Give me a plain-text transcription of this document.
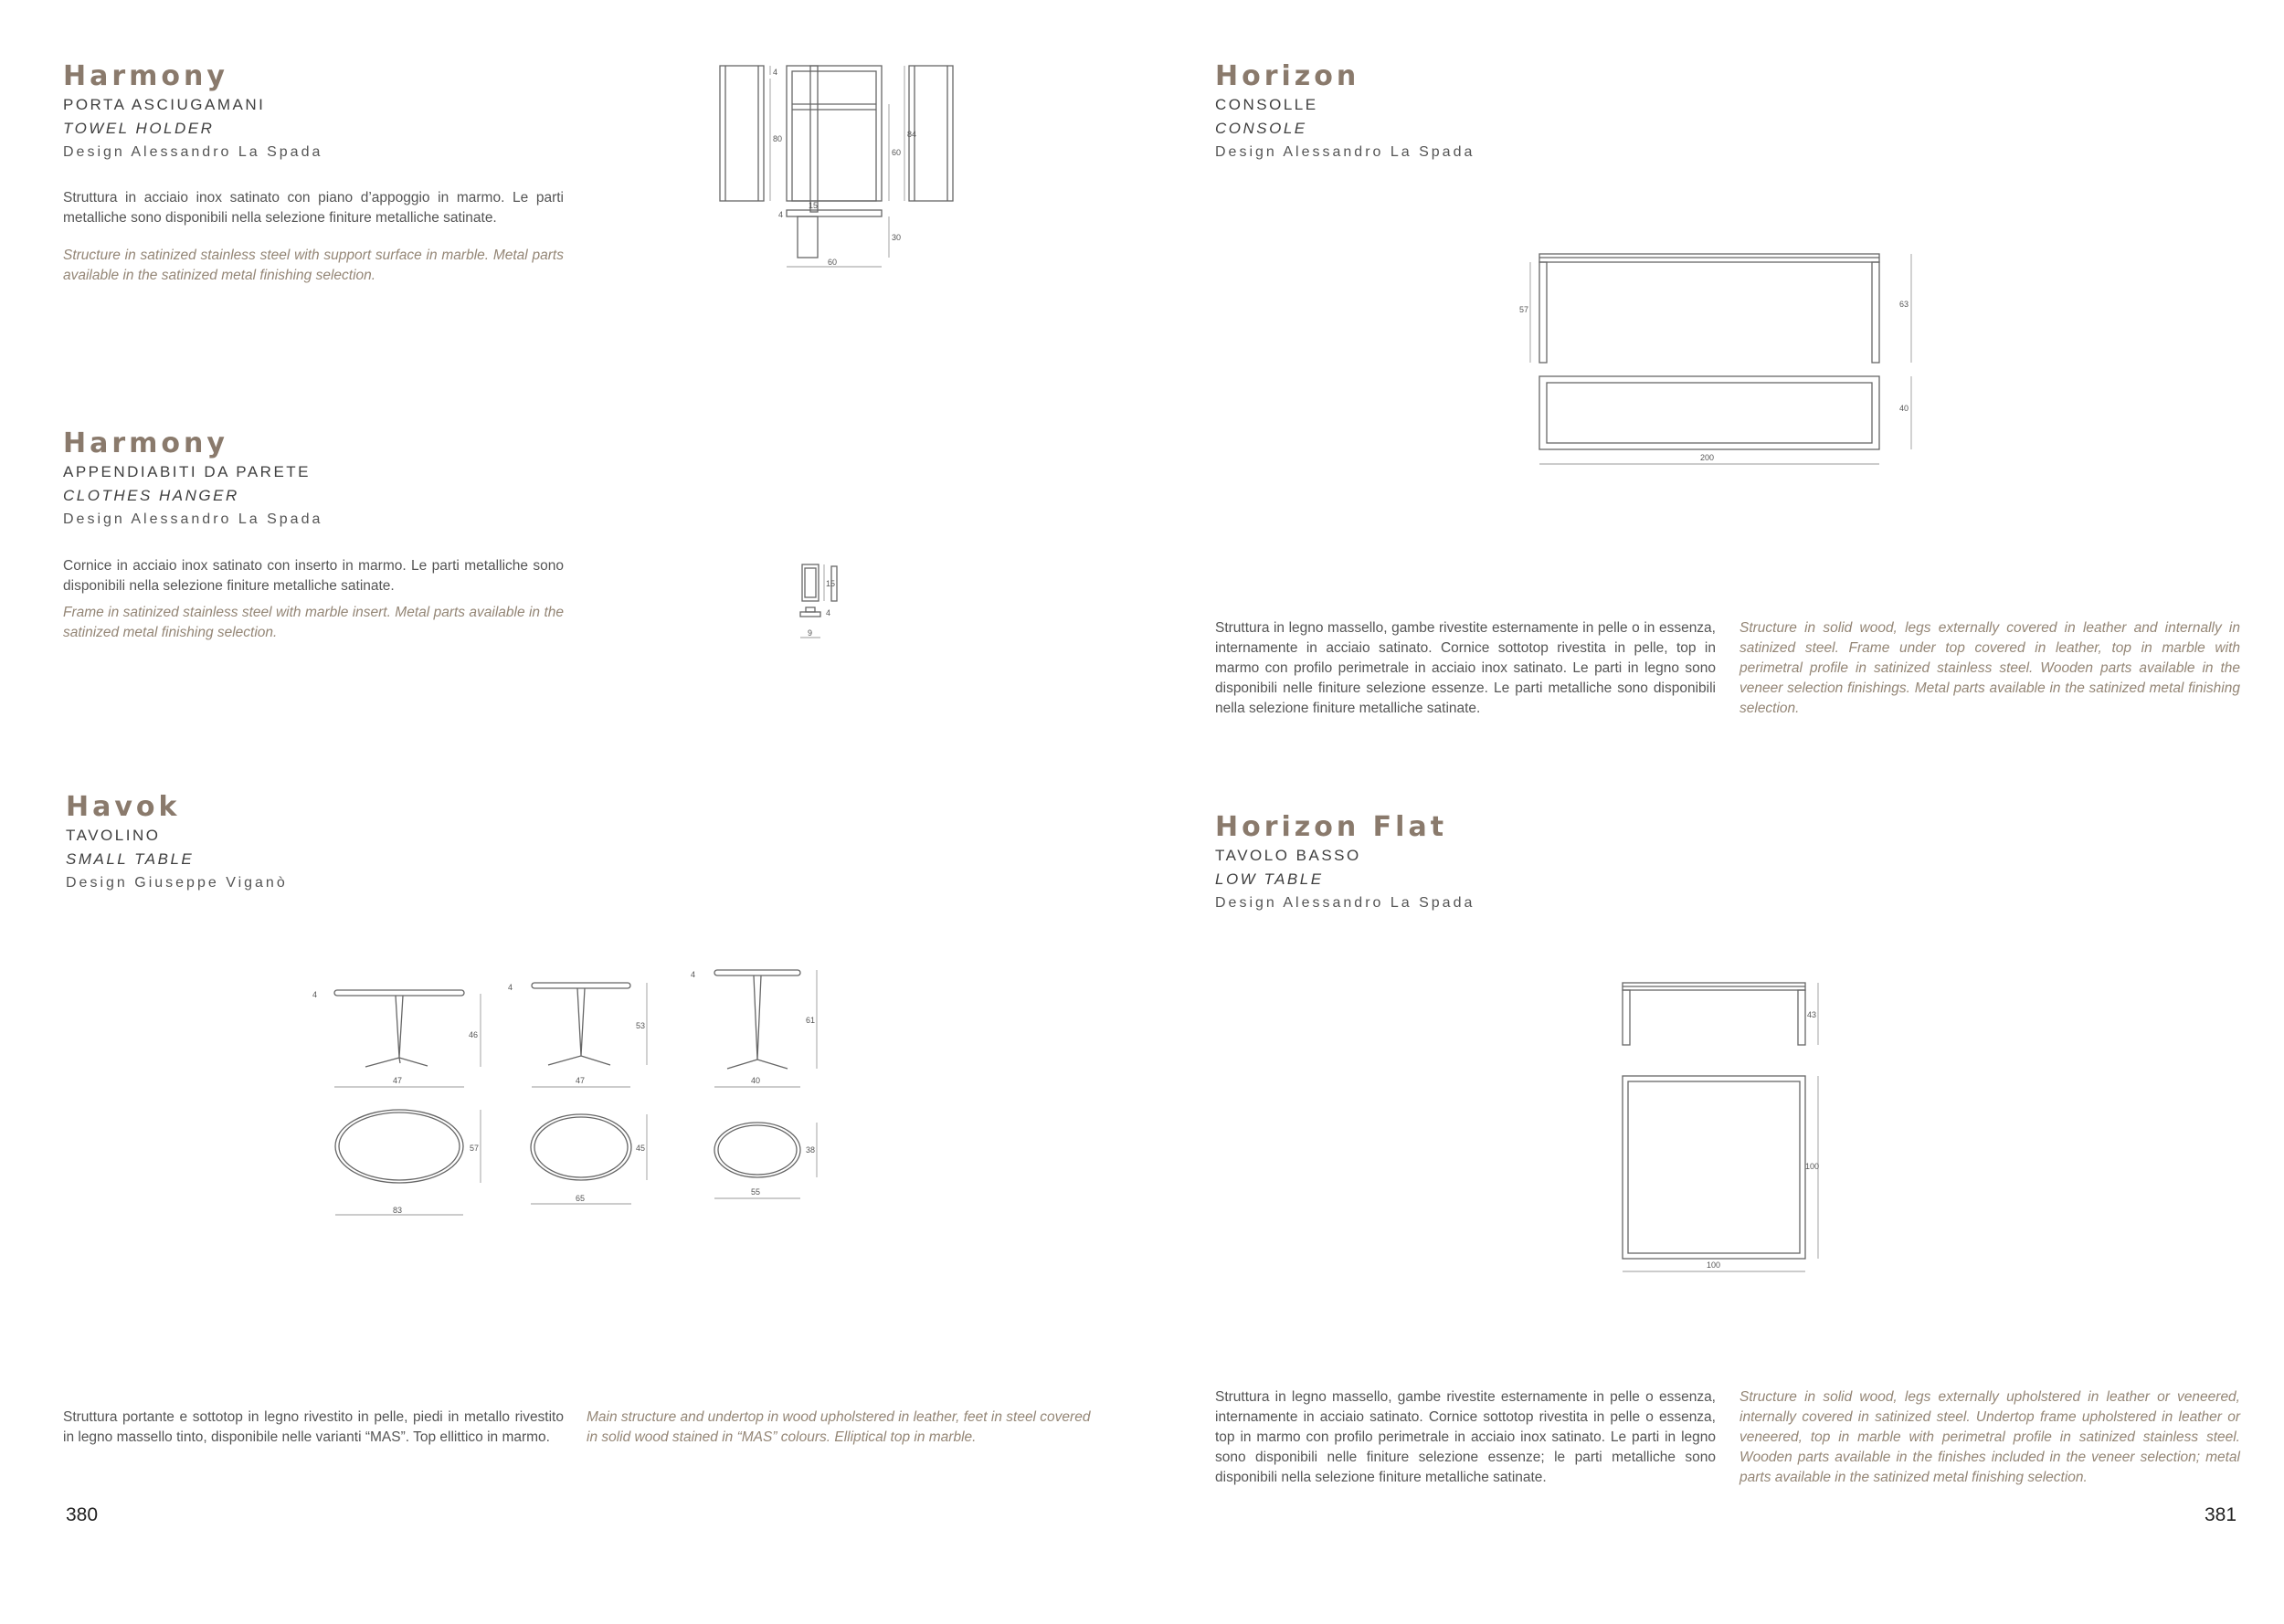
Harmony
PORTA ASCIUGAMANI
TOWEL HOLDER
Design Alessandro La Spada
Struttura in acciaio inox satinato con piano d’appoggio in marmo. Le parti metalliche sono disponibili nella selezione finiture metalliche satinate.
Structure in satinized stainless steel with support surface in marble. Metal parts available in the satinized metal finishing selection.
4
80
60
84
15
4
30
60
Harmony
APPENDIABITI DA PARETE
CLOTHES HANGER
Design Alessandro La Spada
Cornice in acciaio inox satinato con inserto in marmo. Le parti metalliche sono disponibili nella selezione finiture metalliche satinate.
Frame in satinized stainless steel with marble insert. Metal parts available in the satinized metal finishing selection.
15
4
9
Havok
TAVOLINO
SMALL TABLE
Design Giuseppe Viganò
4
46
47
4
53
47
4
61
40
57
83
45
65
38
55
Struttura portante e sottotop in legno rivestito in pelle, piedi in metallo rivestito in legno massello tinto, disponibile nelle varianti “MAS”. Top ellittico in marmo.
Main structure and undertop in wood upholstered in leather, feet in steel covered in solid wood stained in “MAS” colours. Elliptical top in marble.
380
Horizon
CONSOLLE
CONSOLE
Design Alessandro La Spada
57
63
40
200
Struttura in legno massello, gambe rivestite esternamente in pelle o in essenza, internamente in acciaio satinato. Cornice sottotop rivestita in pelle, top in marmo con profilo perimetrale in acciaio inox satinato. Le parti in legno sono disponibili nelle finiture selezione essenze. Le parti metalliche sono disponibili nella selezione finiture metalliche satinate.
Structure in solid wood, legs externally covered in leather and internally in satinized steel. Frame under top covered in leather, top in marble with perimetral profile in satinized stainless steel. Wooden parts available in the veneer selection finishings. Metal parts available in the satinized metal finishing selection.
Horizon Flat
TAVOLO BASSO
LOW TABLE
Design Alessandro La Spada
43
100
100
Struttura in legno massello, gambe rivestite esternamente in pelle o essenza, internamente in acciaio satinato. Cornice sottotop rivestita in pelle o essenza, top in marmo con profilo perimetrale in acciaio inox satinato. Le parti in legno sono disponibili nelle finiture selezione essenze; le parti metalliche sono disponibili nella selezione finiture metalliche satinate.
Structure in solid wood, legs externally upholstered in leather or veneered, internally covered in satinized steel. Undertop frame upholstered in leather or veneered, top in marble with perimetral profile in satinized stainless steel. Wooden parts available in the finishes included in the veneer selection; metal parts available in the satinized metal finishing selection.
381
